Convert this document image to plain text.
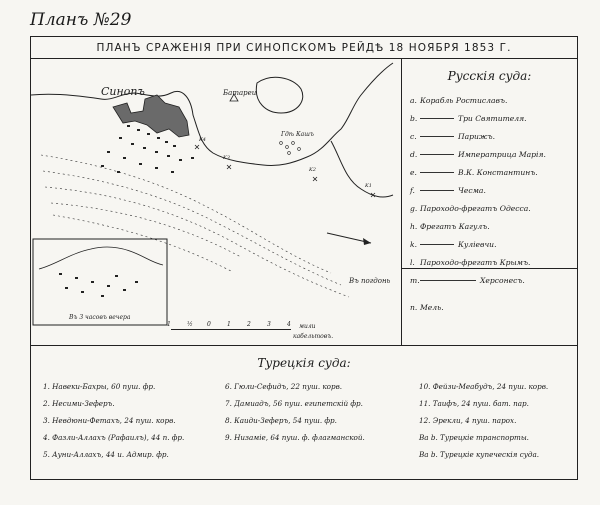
Планъ №29
ПЛАНЪ СРАЖЕНІЯ ПРИ СИНОПСКОМЪ РЕЙДѢ 18 НОЯБРЯ 1853 Г.
Синопъ	Батареи
Гдѣ Кашъ
Въ погдонь
Въ 3 часовъ вечера
K1
K2
K3
K4
1	½ 0	1	2	3	4 мили
кабельтовъ.
Русскія суда:
a. Корабль Ростиславъ.
b.	Три Святителя.
c.	Парижъ.
d.	Императрица Марія.
e.	В.К. Константинъ.
f.	Чесма.
g. Пароходо-фрегатъ Одесса.
h. Фрегатъ Кагулъ.
k.	Куліевчи.
l. Пароходо-фрегатъ Крымъ.
m.	Херсонесъ.
n. Мель.
Турецкія суда:
1. Навеки-Бахры, 60 пуш. фр.
2. Несими-Зеферъ.
3. Невдюни-Фетахъ, 24 пуш. корв.
4. Фазли-Аллахъ (Рафаилъ), 44 п. фр.
5. Ауни-Аллахъ, 44 и. Адмир. фр.
6. Гюли-Сефидъ, 22 пуш. корв.
7. Дамиадъ, 56 пуш. египетскій фр.
8. Каиди-Зеферъ, 54 пуш. фр.
9. Низамiе, 64 пуш. ф. флагманской.
10. Фейзи-Меабудъ, 24 пуш. корв.
11. Таифъ, 24 пуш. бат. пар.
12. Эрекли, 4 пуш. пароx.
Ba b. Турецкіе транспорты.
Ba b. Турецкіе купеческія суда.
